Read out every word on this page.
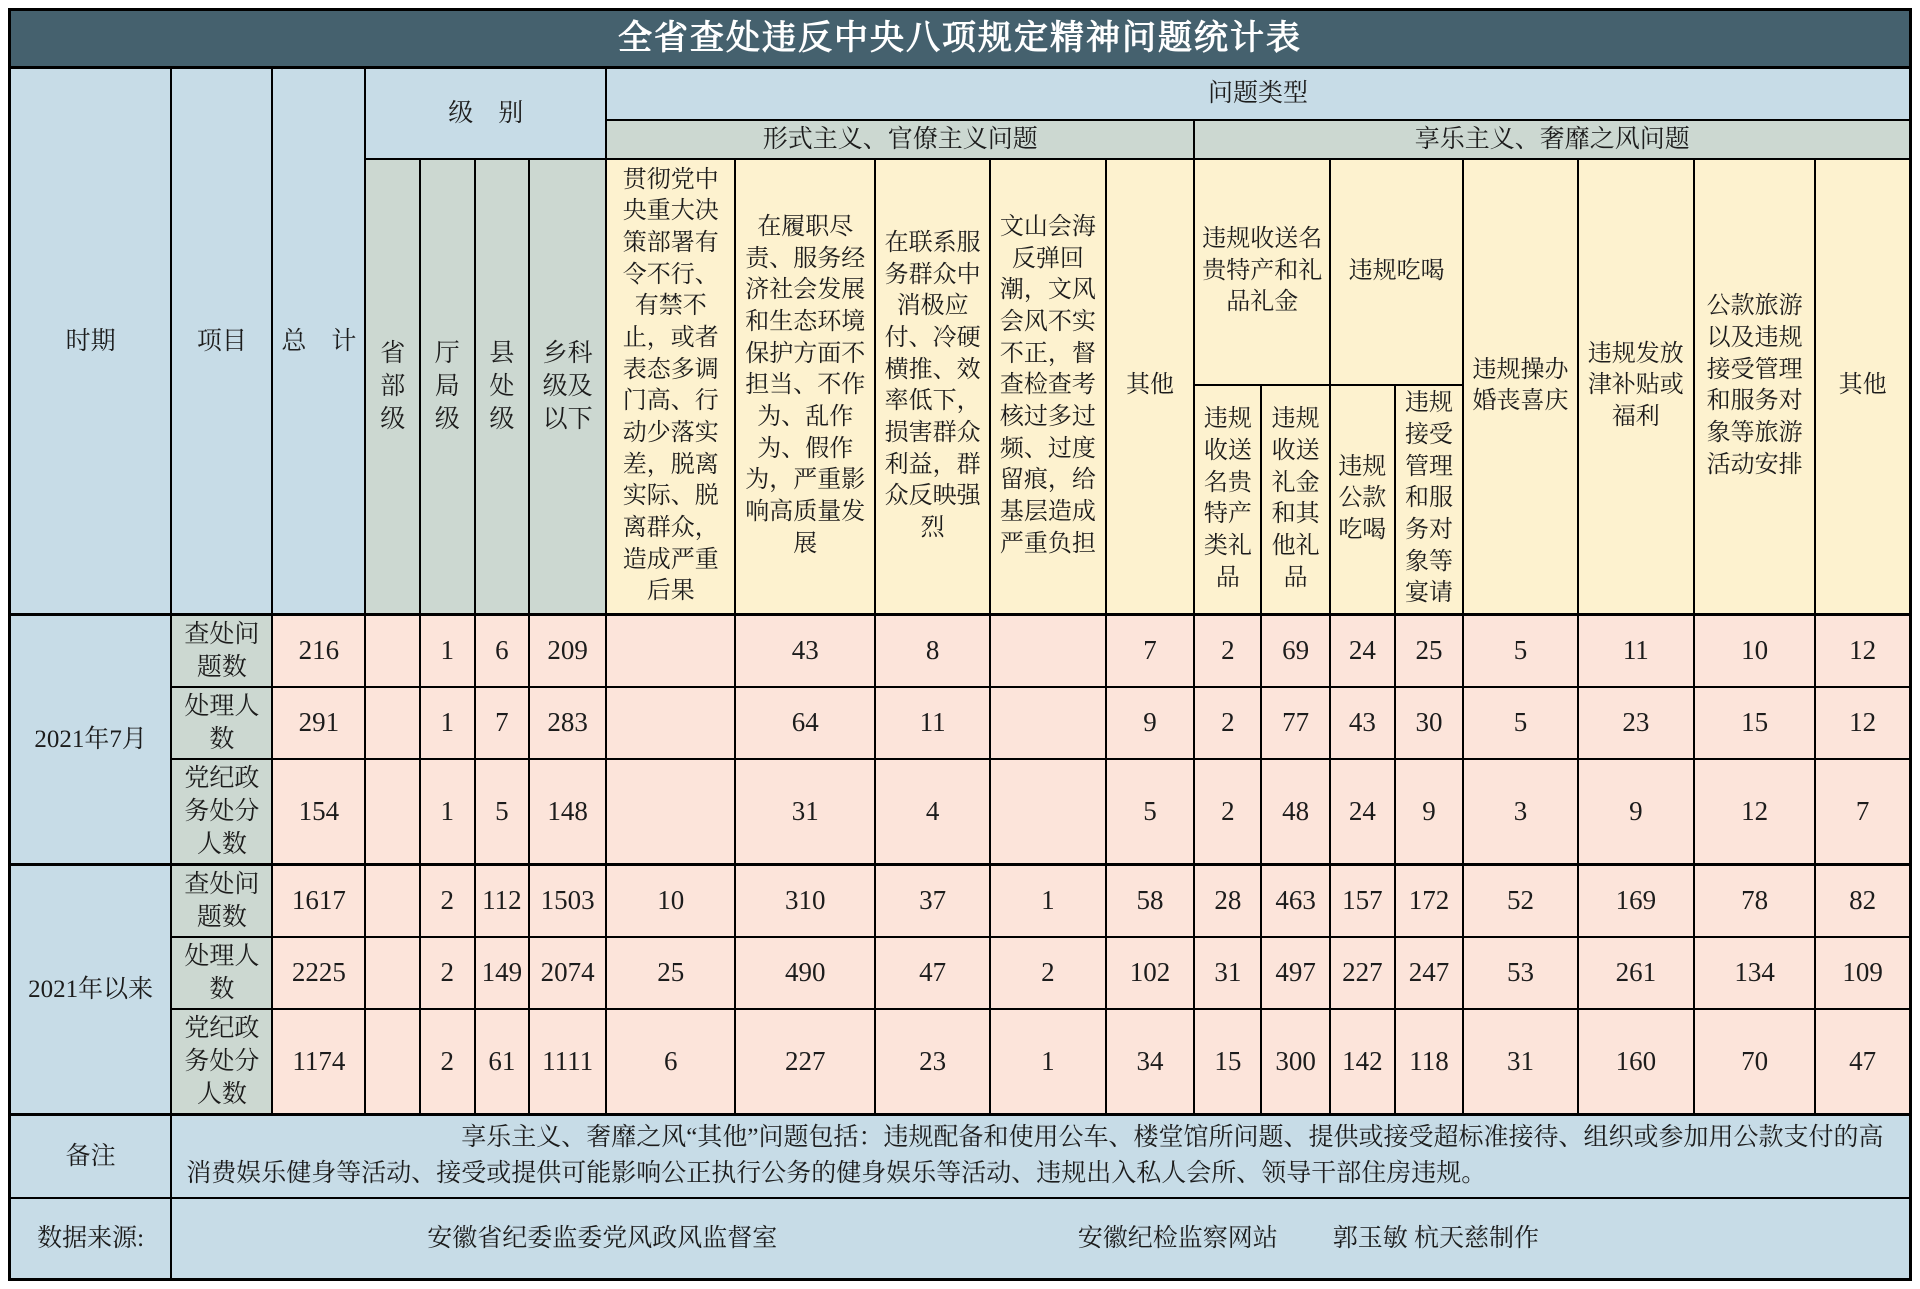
全省查处违反中央八项规定精神问题统计表																			
时期	项目	总　计	级　别				问题类型												
							形式主义、官僚主义问题					享乐主义、奢靡之风问题							
			省部级	厅局级	县处级	乡科级及以下	贯彻党中央重大决策部署有令不行、有禁不止，或者表态多调门高、行动少落实差，脱离实际、脱离群众，造成严重后果	在履职尽责、服务经济社会发展和生态环境保护方面不担当、不作为、乱作为、假作为，严重影响高质量发展	在联系服务群众中消极应付、冷硬横推、效率低下，损害群众利益，群众反映强烈	文山会海反弹回潮，文风会风不实不正，督查检查考核过多过频、过度留痕，给基层造成严重负担	其他	违规收送名贵特产和礼品礼金		违规吃喝		违规操办婚丧喜庆	违规发放津补贴或福利	公款旅游以及违规接受管理和服务对象等旅游活动安排	其他
												违规收送名贵特产类礼品	违规收送礼金和其他礼品	违规公款吃喝	违规接受管理和服务对象等宴请				
2021年7月	查处问题数	216		1	6	209		43	8		7	2	69	24	25	5	11	10	12
	处理人数	291		1	7	283		64	11		9	2	77	43	30	5	23	15	12
	党纪政务处分人数	154		1	5	148		31	4		5	2	48	24	9	3	9	12	7
2021年以来	查处问题数	1617		2	112	1503	10	310	37	1	58	28	463	157	172	52	169	78	82
	处理人数	2225		2	149	2074	25	490	47	2	102	31	497	227	247	53	261	134	109
	党纪政务处分人数	1174		2	61	1111	6	227	23	1	34	15	300	142	118	31	160	70	47
备注	享乐主义、奢靡之风“其他”问题包括：违规配备和使用公车、楼堂馆所问题、提供或接受超标准接待、组织或参加用公款支付的高消费娱乐健身等活动、接受或提供可能影响公正执行公务的健身娱乐等活动、违规出入私人会所、领导干部住房违规。																		

数据来源:	安徽省纪委监委党风政风监督室 安徽纪检监察网站 郭玉敏 杭天慈制作																		
